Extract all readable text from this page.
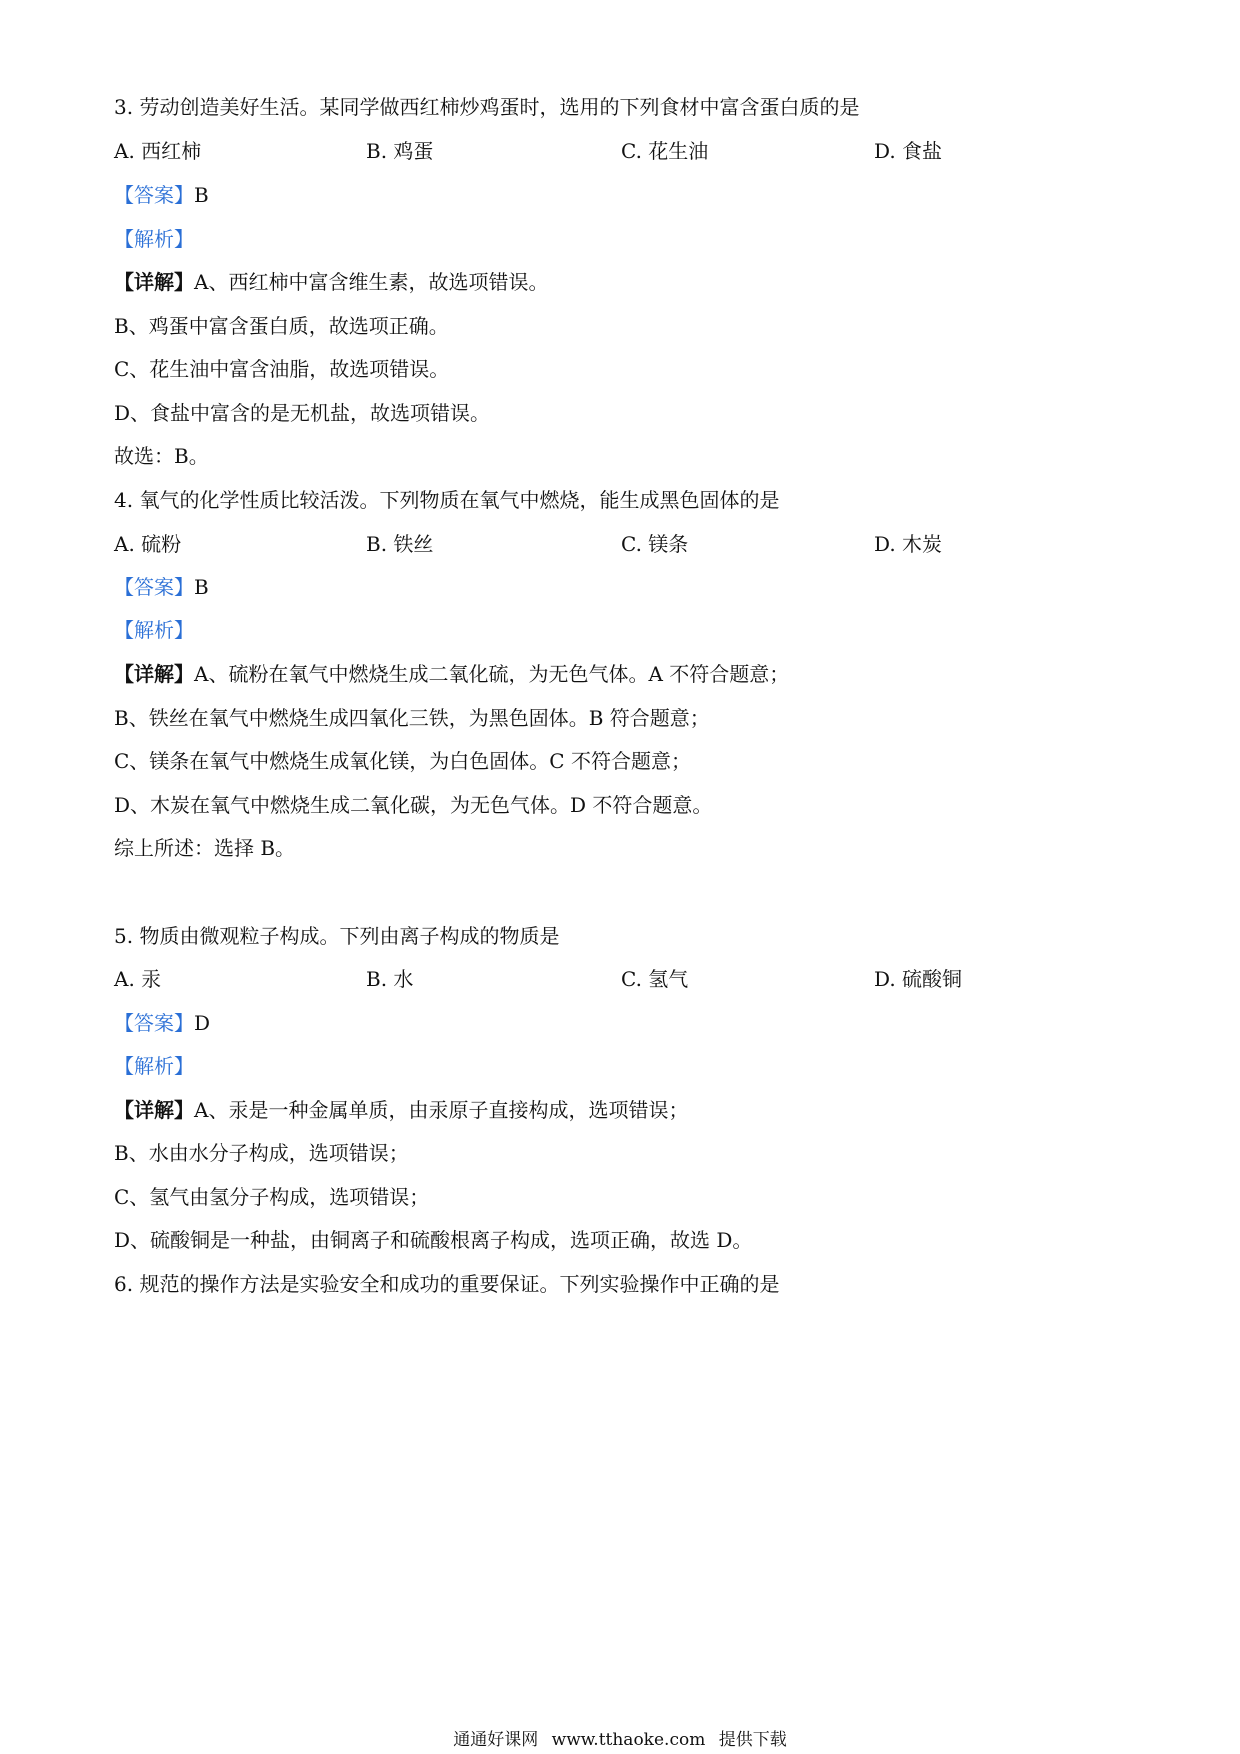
3. 劳动创造美好生活。某同学做西红柿炒鸡蛋时，选用的下列食材中富含蛋白质的是
A. 西红柿	B. 鸡蛋	C. 花生油	D. 食盐
【答案】B
【解析】
【详解】A、西红柿中富含维生素，故选项错误。
B、鸡蛋中富含蛋白质，故选项正确。
C、花生油中富含油脂，故选项错误。
D、食盐中富含的是无机盐，故选项错误。
故选：B。
4. 氧气的化学性质比较活泼。下列物质在氧气中燃烧，能生成黑色固体的是
A. 硫粉	B. 铁丝	C. 镁条	D. 木炭
【答案】B
【解析】
【详解】A、硫粉在氧气中燃烧生成二氧化硫，为无色气体。A 不符合题意；
B、铁丝在氧气中燃烧生成四氧化三铁，为黑色固体。B 符合题意；
C、镁条在氧气中燃烧生成氧化镁，为白色固体。C 不符合题意；
D、木炭在氧气中燃烧生成二氧化碳，为无色气体。D 不符合题意。
综上所述：选择 B。
5. 物质由微观粒子构成。下列由离子构成的物质是
A. 汞	B. 水	C. 氢气	D. 硫酸铜
【答案】D
【解析】
【详解】A、汞是一种金属单质，由汞原子直接构成，选项错误；
B、水由水分子构成，选项错误；
C、氢气由氢分子构成，选项错误；
D、硫酸铜是一种盐，由铜离子和硫酸根离子构成，选项正确，故选 D。
6. 规范的操作方法是实验安全和成功的重要保证。下列实验操作中正确的是
通通好课网 www.tthaoke.com 提供下载
